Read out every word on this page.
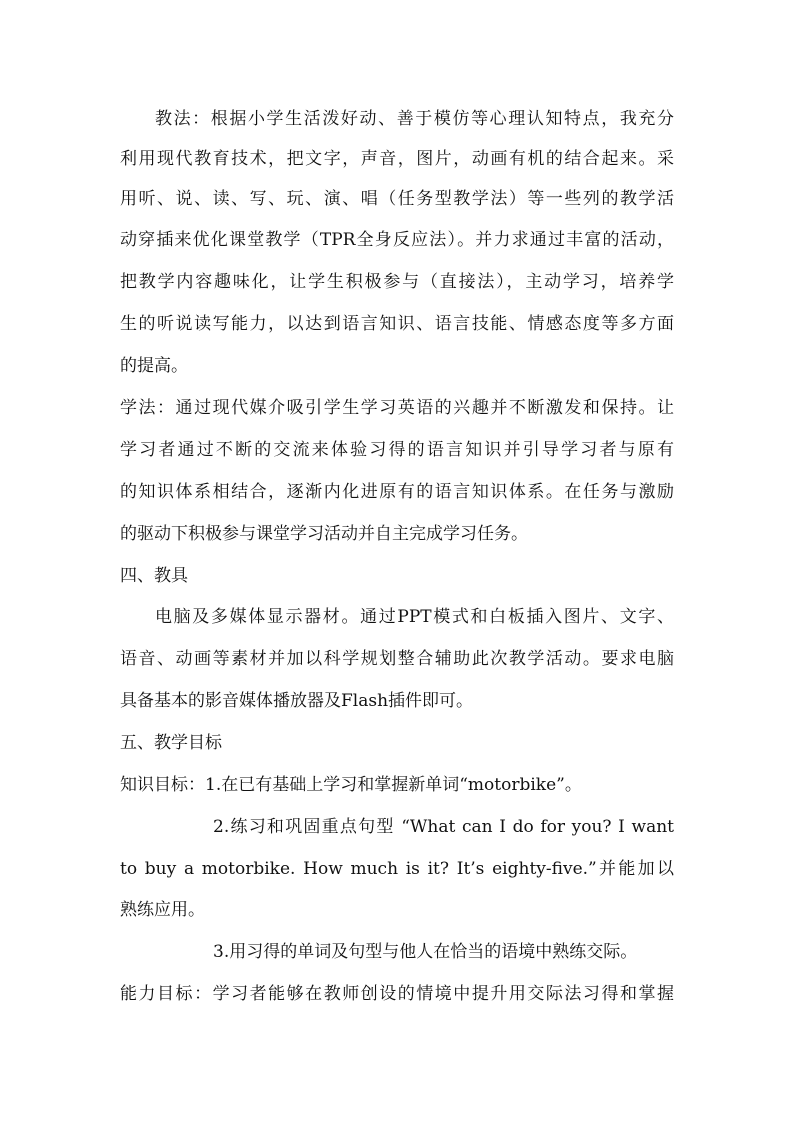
教法：根据小学生活泼好动、善于模仿等心理认知特点，我充分

利用现代教育技术，把文字，声音，图片，动画有机的结合起来。采

用听、说、读、写、玩、演、唱（任务型教学法）等一些列的教学活

动穿插来优化课堂教学（TPR全身反应法）。并力求通过丰富的活动，

把教学内容趣味化，让学生积极参与（直接法），主动学习，培养学

生的听说读写能力，以达到语言知识、语言技能、情感态度等多方面

的提高。

学法：通过现代媒介吸引学生学习英语的兴趣并不断激发和保持。让

学习者通过不断的交流来体验习得的语言知识并引导学习者与原有

的知识体系相结合，逐渐内化进原有的语言知识体系。在任务与激励

的驱动下积极参与课堂学习活动并自主完成学习任务。

四、教具

电脑及多媒体显示器材。通过PPT模式和白板插入图片、文字、

语音、动画等素材并加以科学规划整合辅助此次教学活动。要求电脑

具备基本的影音媒体播放器及Flash插件即可。

五、教学目标

知识目标：1.在已有基础上学习和掌握新单词“motorbike”。

2.练习和巩固重点句型 “What can I do for you? I want

to buy a motorbike. How much is it? It’s eighty-five.”并能加以

熟练应用。

3.用习得的单词及句型与他人在恰当的语境中熟练交际。

能力目标：学习者能够在教师创设的情境中提升用交际法习得和掌握
